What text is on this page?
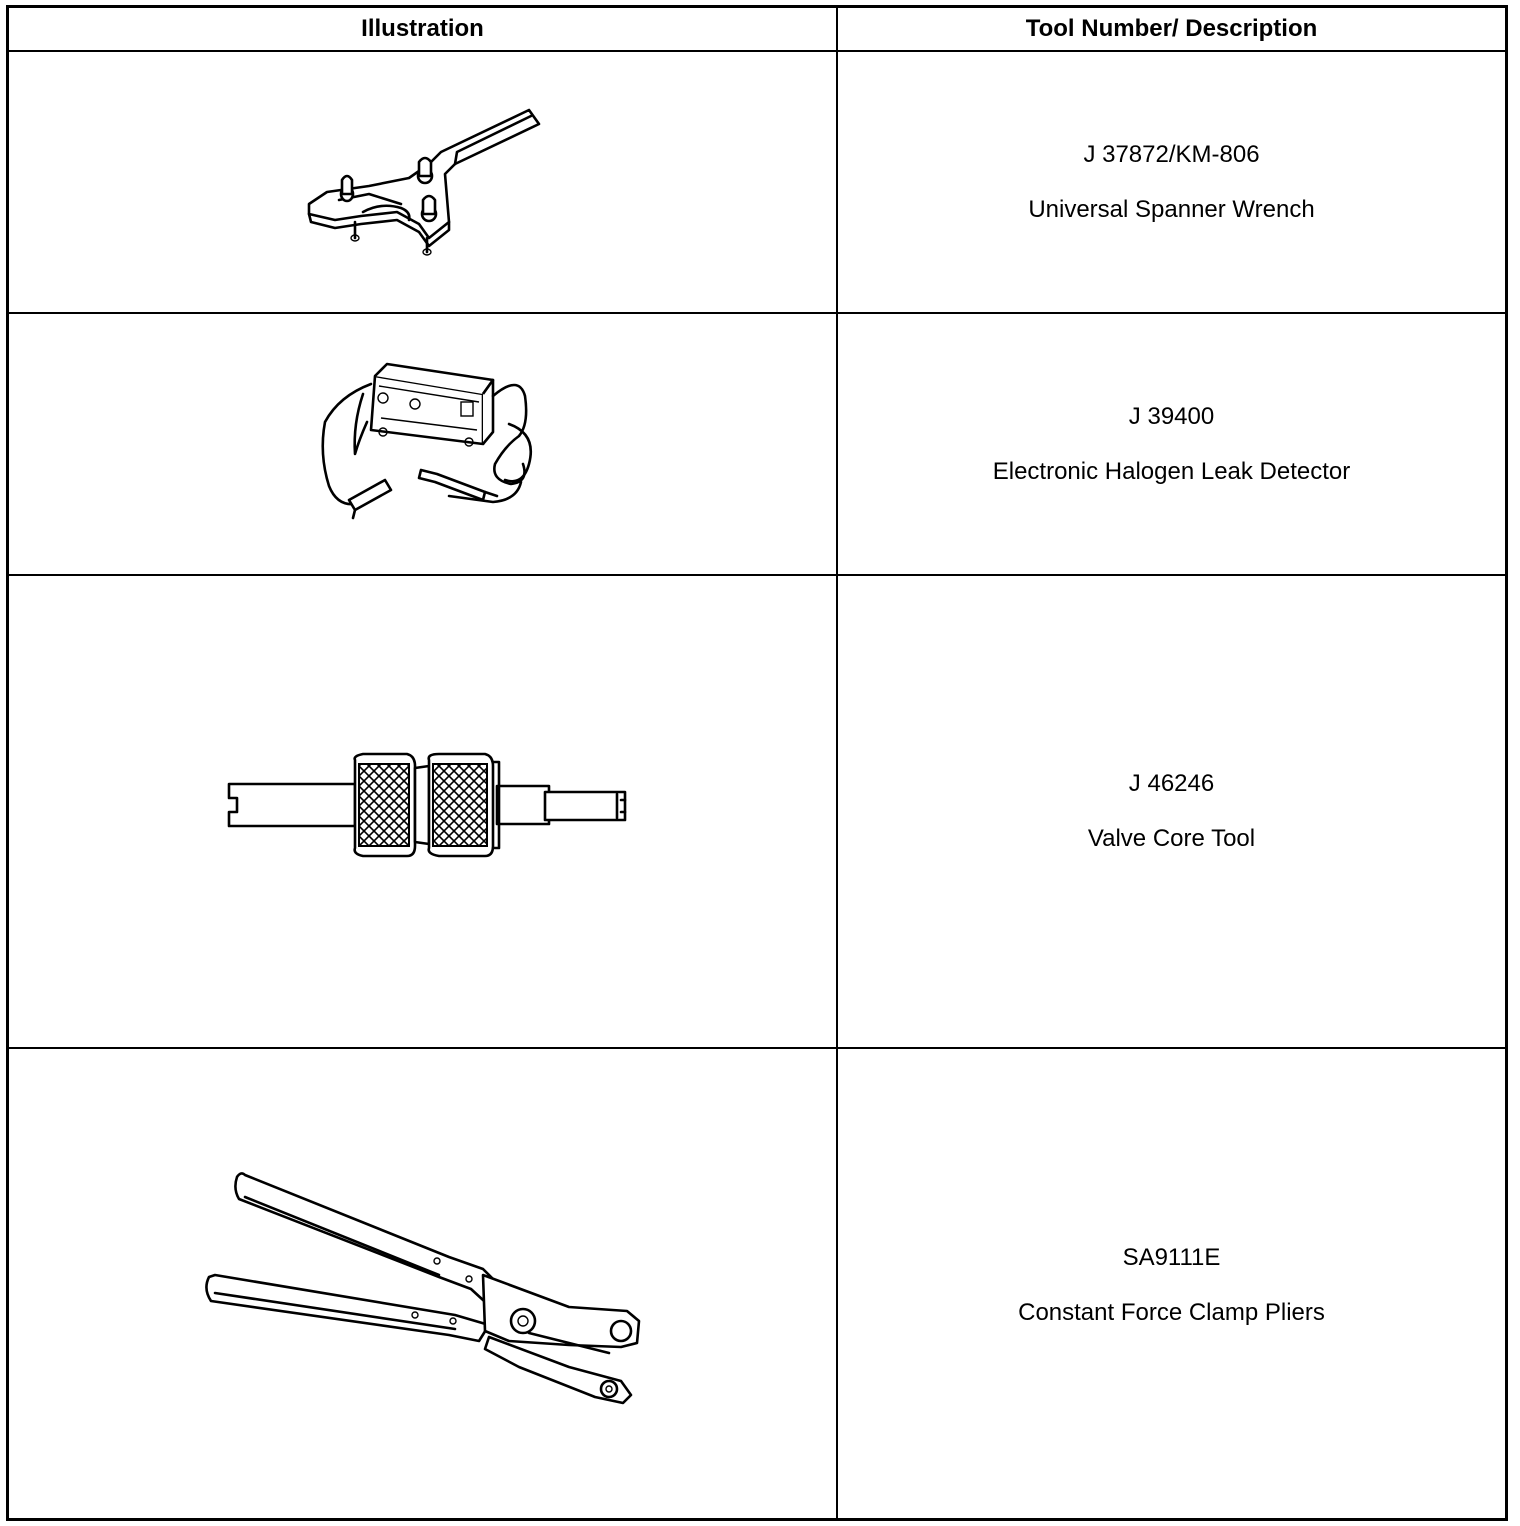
Illustration	Tool Number/ Description
J 37872/KM-806
Universal Spanner Wrench
J 39400
Electronic Halogen Leak Detector
J 46246
Valve Core Tool
SA9111E
Constant Force Clamp Pliers
